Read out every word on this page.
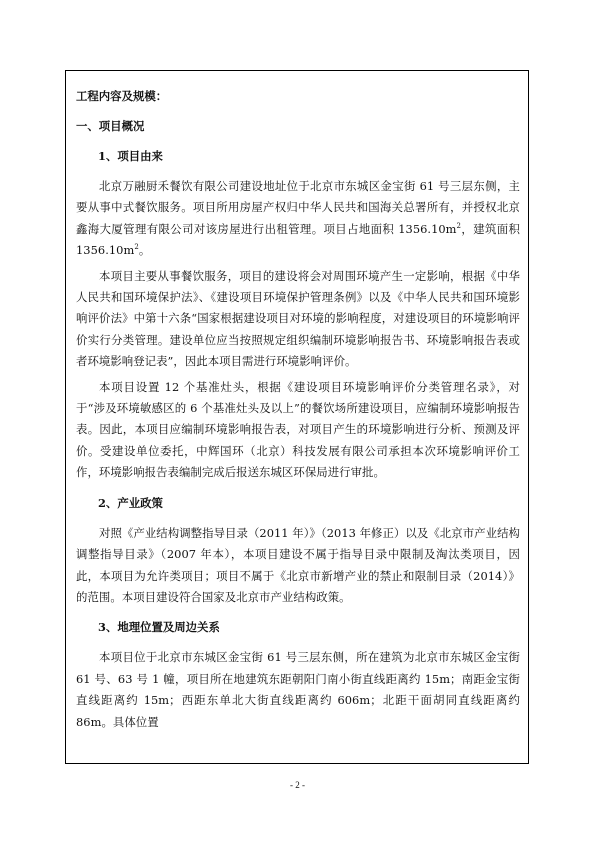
工程内容及规模：

一、项目概况

1、项目由来

北京万融厨禾餐饮有限公司建设地址位于北京市东城区金宝街 61 号三层东侧，主要从事中式餐饮服务。项目所用房屋产权归中华人民共和国海关总署所有，并授权北京鑫海大厦管理有限公司对该房屋进行出租管理。项目占地面积 $1356.10m^2$，建筑面积 $1356.10m^2$。

本项目主要从事餐饮服务，项目的建设将会对周围环境产生一定影响，根据《中华人民共和国环境保护法》、《建设项目环境保护管理条例》以及《中华人民共和国环境影响评价法》中第十六条“国家根据建设项目对环境的影响程度，对建设项目的环境影响评价实行分类管理。建设单位应当按照规定组织编制环境影响报告书、环境影响报告表或者环境影响登记表”，因此本项目需进行环境影响评价。

本项目设置 12 个基准灶头，根据《建设项目环境影响评价分类管理名录》，对于“涉及环境敏感区的 6 个基准灶头及以上”的餐饮场所建设项目，应编制环境影响报告表。因此，本项目应编制环境影响报告表，对项目产生的环境影响进行分析、预测及评价。受建设单位委托，中辉国环（北京）科技发展有限公司承担本次环境影响评价工作，环境影响报告表编制完成后报送东城区环保局进行审批。

2、产业政策

对照《产业结构调整指导目录（2011 年）》（2013 年修正）以及《北京市产业结构调整指导目录》（2007 年本），本项目建设不属于指导目录中限制及淘汰类项目，因此，本项目为允许类项目；项目不属于《北京市新增产业的禁止和限制目录（2014）》的范围。本项目建设符合国家及北京市产业结构政策。

3、地理位置及周边关系

本项目位于北京市东城区金宝街 61 号三层东侧，所在建筑为北京市东城区金宝街 61 号、63 号 1 幢，项目所在地建筑东距朝阳门南小街直线距离约 15m；南距金宝街直线距离约 15m；西距东单北大街直线距离约 606m；北距干面胡同直线距离约 86m。具体位置

- 2 -
